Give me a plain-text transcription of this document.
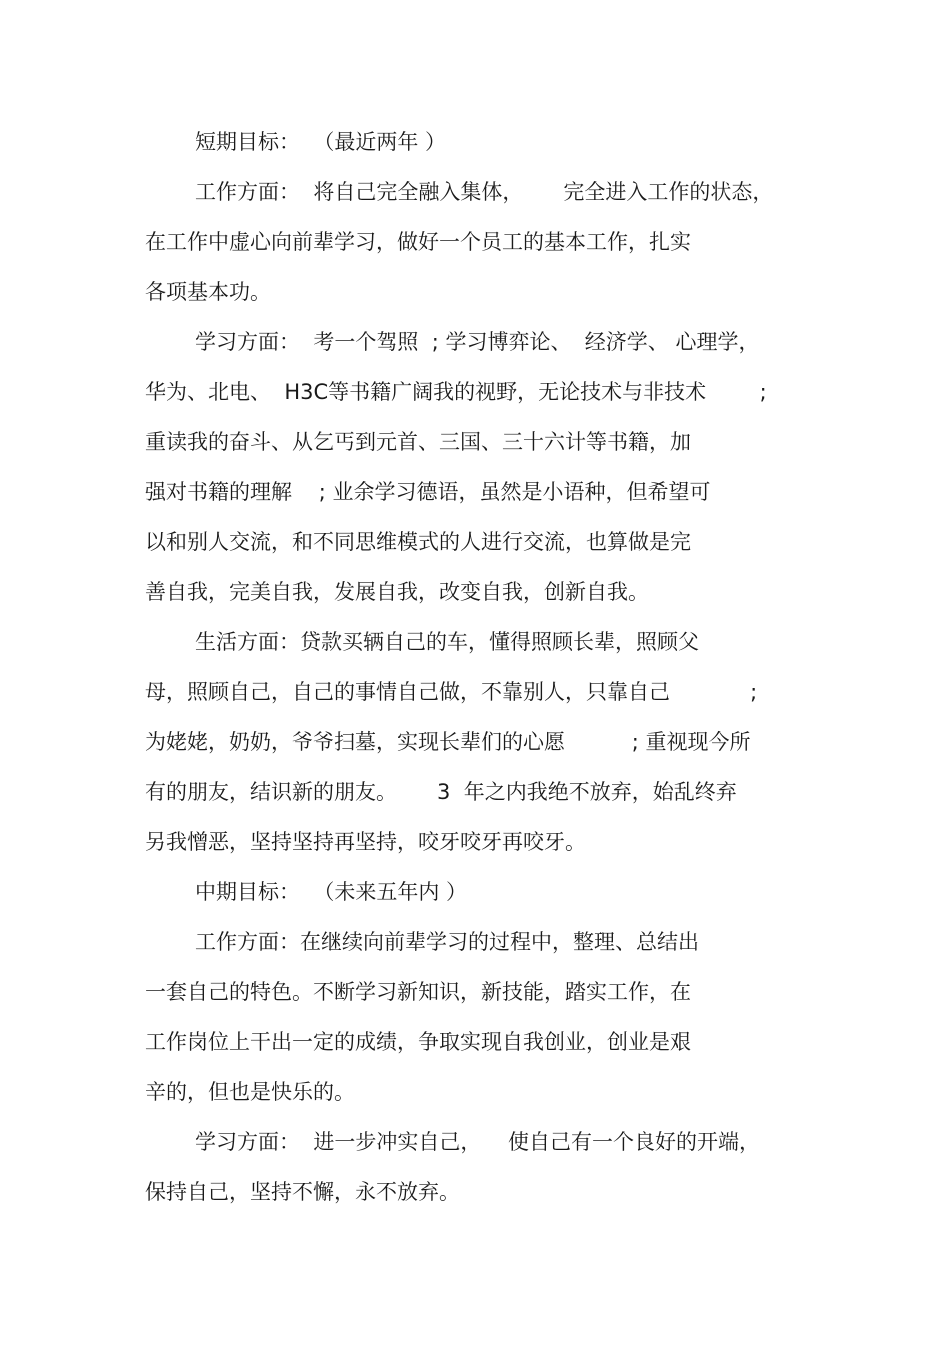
短期目标：  （最近两年 ）
工作方面：  将自己完全融入集体，      完全进入工作的状态，
在工作中虚心向前辈学习，做好一个员工的基本工作，扎实
各项基本功。
学习方面：  考一个驾照  ; 学习博弈论、  经济学、 心理学，
华为、北电、  H3C等书籍广阔我的视野，无论技术与非技术        ;
重读我的奋斗、从乞丐到元首、三国、三十六计等书籍，加
强对书籍的理解    ; 业余学习德语，虽然是小语种，但希望可
以和别人交流，和不同思维模式的人进行交流，也算做是完
善自我，完美自我，发展自我，改变自我，创新自我。
生活方面：贷款买辆自己的车，懂得照顾长辈，照顾父
母，照顾自己，自己的事情自己做，不靠别人，只靠自己            ;
为姥姥，奶奶，爷爷扫墓，实现长辈们的心愿          ; 重视现今所
有的朋友，结识新的朋友。      3  年之内我绝不放弃，始乱终弃
另我憎恶，坚持坚持再坚持，咬牙咬牙再咬牙。
中期目标：  （未来五年内 ）
工作方面：在继续向前辈学习的过程中，整理、总结出
一套自己的特色。不断学习新知识，新技能，踏实工作，在
工作岗位上干出一定的成绩，争取实现自我创业，创业是艰
辛的，但也是快乐的。
学习方面：  进一步冲实自己，    使自己有一个良好的开端，
保持自己，坚持不懈，永不放弃。
